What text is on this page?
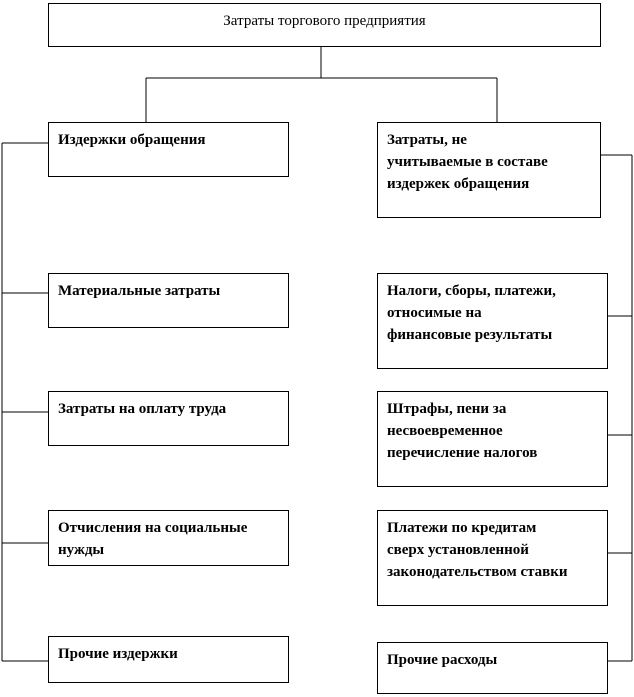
Затраты торгового предприятия
Издержки обращения
Материальные затраты
Затраты на оплату труда
Отчисления на социальные
нужды
Прочие издержки
Затраты, не
учитываемые в составе
издержек обращения
Налоги, сборы, платежи,
относимые на
финансовые результаты
Штрафы, пени за
несвоевременное
перечисление налогов
Платежи по кредитам
сверх установленной
законодательством ставки
Прочие расходы
